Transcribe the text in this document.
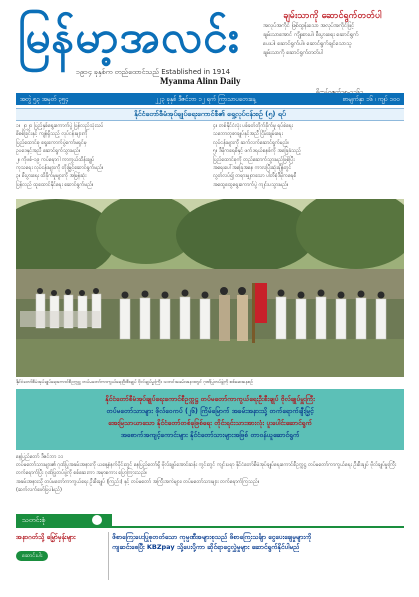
မြန်မာ့အလင်း
၁၉၁၄ ခုနှစ်က တည်ထောင်သည် Established in 1914
Myanma Alinn Daily
ချမ်းသာကို ဆောင်ရွက်တတ်ပါ
အလုပ်အကိုင် ဖြစ်ထွန်းသော အလုပ်အကိုင်ဖြင့်
ချမ်းသာအောင် ကျိုးစားပါ၊ စီးပွားရေး ဆောင်ရွက်
ပေးပါ၊ ဆောင်ရွက်ပါ။ ဆောင်ရွက်ချင်သောသူ
ချမ်းသာကို ဆောင်ရွက်တတ်ပါ
အတွဲ ၅၃ အမှတ် ၃၅၄	၂၂၃ ခုနှစ် ဒီဇင်ဘာ ၁၂ ရက် ကြာသာပတေးနေ့	စာမျက်နှာ ၁၆ ၊ ကျပ် ၁၀၀
နိုင်ငံတော်စီမံအုပ်ချုပ်ရေးကောင်စီ၏ ရှေ့လုပ်ငန်းစဉ် (၅) ရပ်
၁။ ၂၀၂၀ ပြည့်နှစ်ရွေးကောက်ပွဲ ပြန်လည်သုံးသပ်
စိစစ်ခြင်းနှင့် ကျန်ရှိသည့် လုပ်ငန်းများကို
ပြည်ထောင်စု ရွေးကောက်ပွဲကော်မရှင်မှ
ဥပဒေနှင့်အညီ ဆောင်ရွက်သွားမည်။
၂။ ကိုဗစ်-၁၉ ကပ်ရောဂါ ကာကွယ်ထိန်းချုပ်
ကုသရေး လုပ်ငန်းများကို တိုးမြှင့်ဆောင်ရွက်မည်။
၃။ စီးပွားရေး ထိခိုက်မှုများကို အမြန်ဆုံး
ပြန်လည် ထူထောင်နိုင်ရေး ဆောင်ရွက်မည်။
၄။ တစ်နိုင်ငံလုံး ပစ်ခတ်တိုက်ခိုက်မှု ရပ်စဲရေး
သဘောတူစာချုပ်နှင့်အညီ ငြိမ်းချမ်းရေး
လုပ်ငန်းများကို ဆက်လက်ဆောင်ရွက်မည်။
၅။ ဒီမိုကရေစီနှင့် ဖက်ဒရယ်စနစ်ကို အခြေခံသည့်
ပြည်ထောင်စုကို တည်ဆောက်သွားမည်ဖြစ်ပြီး
အရေးပေါ်အခြေအနေ ကာလပြီးဆုံးချိန်တွင်
လွတ်လပ်၍ တရားမျှတသော ပါတီစုံဒီမိုကရေစီ
အထွေထွေရွေးကောက်ပွဲ ကျင်းပသွားမည်။
နိုင်ငံတော်စီမံအုပ်ချုပ်ရေးကောင်စီဥက္ကဋ္ဌ တပ်မတော်ကာကွယ်ရေးဦးစီးချုပ် ဗိုလ်ချုပ်မှူးကြီး သဘင်အခမ်းအနားတွင် ဂုဏ်ပြုတပ်ဖွဲ့ကို စစ်ဆေးနေစဉ်
နိုင်ငံတော်စီမံအုပ်ချုပ်ရေးကောင်စီဥက္ကဋ္ဌ တပ်မတော်ကာကွယ်ရေးဦးစီးချုပ် ဗိုလ်ချုပ်မှူးကြီး
တပ်မတော်သားများ ဖိုလ်ဝေကပ် (၂၆) ကြိမ်မြောက် အခမ်းအနားသို့ တက်ရောက်ချီးမြှင့်
အေးမြသာယာသော နိုင်ငံတော်တစ်ခုဖြစ်ရေး တိုင်းရင်းသားအားလုံး ပူးပေါင်းဆောင်ရွက်
အစောက်အကျင့်ကောင်းများ နိုင်ငံတော်သားများအဖြစ် တာဝန်ယူဆောင်ရွက်

နေပြည်တော် ဒီဇင်ဘာ ၁၁

တပ်မတော်သားများ၏ ဂုဏ်ပြုအခမ်းအနားကို ယနေ့နံနက်ပိုင်းတွင် နေပြည်တော်ရှိ ဗိုလ်ချုပ်အောင်ဆန်း ကွင်းတွင် ကျင်းပရာ နိုင်ငံတော်စီမံအုပ်ချုပ်ရေးကောင်စီဥက္ကဋ္ဌ တပ်မတော်ကာကွယ်ရေး ဦးစီးချုပ် ဗိုလ်ချုပ်မှူးကြီး တက်ရောက်ပြီး ဂုဏ်ပြုတပ်ဖွဲ့ကို စစ်ဆေးကာ အမှာစကား ပြောကြားသည်။

အခမ်းအနားသို့ တပ်မတော်ကာကွယ်ရေး ဦးစီးချုပ် (ကြည်း) နှင့် တပ်မတော် အကြီးအကဲများ၊ တပ်မတော်သားများ တက်ရောက်ကြသည်။

(ဆက်လက်ဖော်ပြပါမည်)

သတင်းစုံ
အနာဂတ်သို့ မြှော်မှန်းများ
ဆောင်းပါး
ဖိစာကြေးပေးပြုစုတတ်သော ကုမ္ပဏီအများစုသည် ဖိစာကြေးသင်္ချာ ငွေပေးချေမှုများကို
ကျဆင်းစေပြီး KBZpay သို့ပေးပို့ကာ ဆိုင်ရာငွေလွှဲမှုများ ဆောင်ရွက်နိုင်ပါမည်
